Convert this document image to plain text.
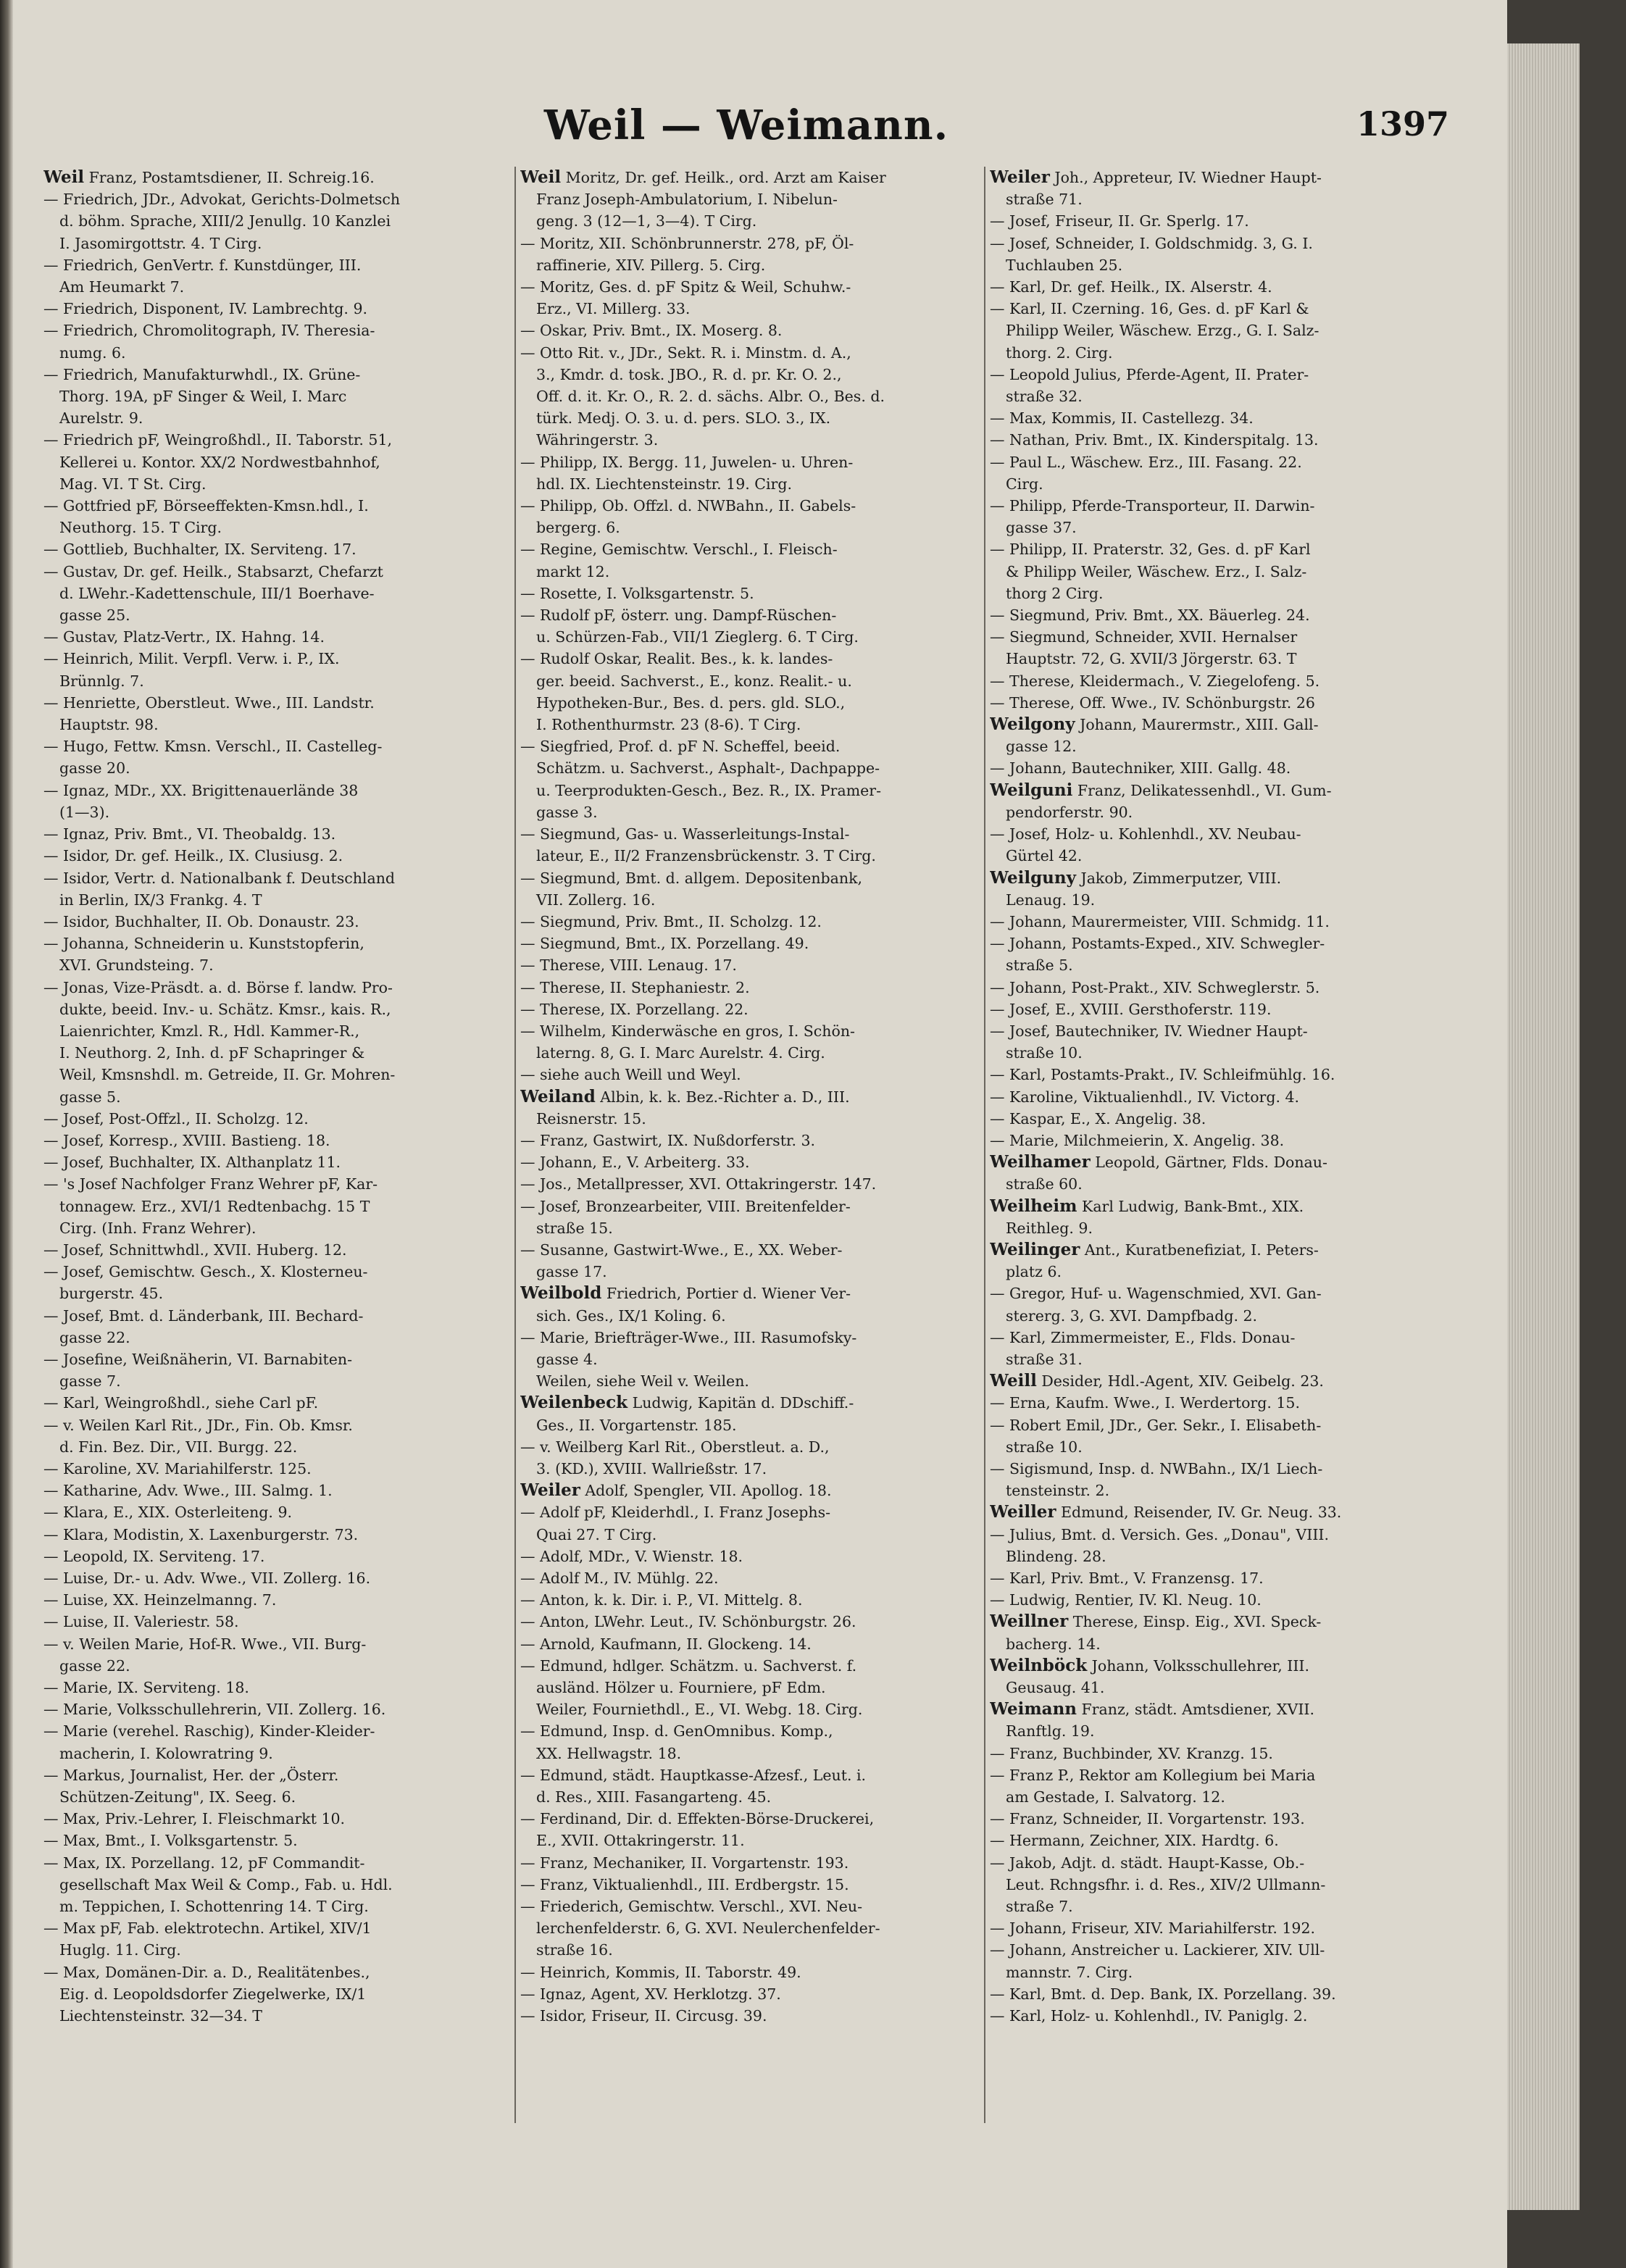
Weil — Weimann.	1397
Weil Franz, Postamtsdiener, II. Schreig.16.
— Friedrich, JDr., Advokat, Gerichts-Dolmetsch
d. böhm. Sprache, XIII/2 Jenullg. 10 Kanzlei
I. Jasomirgottstr. 4. T Cirg.
— Friedrich, GenVertr. f. Kunstdünger, III.
Am Heumarkt 7.
— Friedrich, Disponent, IV. Lambrechtg. 9.
— Friedrich, Chromolitograph, IV. Theresia-
numg. 6.
— Friedrich, Manufakturwhdl., IX. Grüne-
Thorg. 19A, pF Singer & Weil, I. Marc
Aurelstr. 9.
— Friedrich pF, Weingroßhdl., II. Taborstr. 51,
Kellerei u. Kontor. XX/2 Nordwestbahnhof,
Mag. VI. T St. Cirg.
— Gottfried pF, Börseeffekten-Kmsn.hdl., I.
Neuthorg. 15. T Cirg.
— Gottlieb, Buchhalter, IX. Serviteng. 17.
— Gustav, Dr. gef. Heilk., Stabsarzt, Chefarzt
d. LWehr.-Kadettenschule, III/1 Boerhave-
gasse 25.
— Gustav, Platz-Vertr., IX. Hahng. 14.
— Heinrich, Milit. Verpfl. Verw. i. P., IX.
Brünnlg. 7.
— Henriette, Oberstleut. Wwe., III. Landstr.
Hauptstr. 98.
— Hugo, Fettw. Kmsn. Verschl., II. Castelleg-
gasse 20.
— Ignaz, MDr., XX. Brigittenauerlände 38
(1—3).
— Ignaz, Priv. Bmt., VI. Theobaldg. 13.
— Isidor, Dr. gef. Heilk., IX. Clusiusg. 2.
— Isidor, Vertr. d. Nationalbank f. Deutschland
in Berlin, IX/3 Frankg. 4. T
— Isidor, Buchhalter, II. Ob. Donaustr. 23.
— Johanna, Schneiderin u. Kunststopferin,
XVI. Grundsteing. 7.
— Jonas, Vize-Präsdt. a. d. Börse f. landw. Pro-
dukte, beeid. Inv.- u. Schätz. Kmsr., kais. R.,
Laienrichter, Kmzl. R., Hdl. Kammer-R.,
I. Neuthorg. 2, Inh. d. pF Schapringer &
Weil, Kmsnshdl. m. Getreide, II. Gr. Mohren-
gasse 5.
— Josef, Post-Offzl., II. Scholzg. 12.
— Josef, Korresp., XVIII. Bastieng. 18.
— Josef, Buchhalter, IX. Althanplatz 11.
— 's Josef Nachfolger Franz Wehrer pF, Kar-
tonnagew. Erz., XVI/1 Redtenbachg. 15 T
Cirg. (Inh. Franz Wehrer).
— Josef, Schnittwhdl., XVII. Huberg. 12.
— Josef, Gemischtw. Gesch., X. Klosterneu-
burgerstr. 45.
— Josef, Bmt. d. Länderbank, III. Bechard-
gasse 22.
— Josefine, Weißnäherin, VI. Barnabiten-
gasse 7.
— Karl, Weingroßhdl., siehe Carl pF.
— v. Weilen Karl Rit., JDr., Fin. Ob. Kmsr.
d. Fin. Bez. Dir., VII. Burgg. 22.
— Karoline, XV. Mariahilferstr. 125.
— Katharine, Adv. Wwe., III. Salmg. 1.
— Klara, E., XIX. Osterleiteng. 9.
— Klara, Modistin, X. Laxenburgerstr. 73.
— Leopold, IX. Serviteng. 17.
— Luise, Dr.- u. Adv. Wwe., VII. Zollerg. 16.
— Luise, XX. Heinzelmanng. 7.
— Luise, II. Valeriestr. 58.
— v. Weilen Marie, Hof-R. Wwe., VII. Burg-
gasse 22.
— Marie, IX. Serviteng. 18.
— Marie, Volksschullehrerin, VII. Zollerg. 16.
— Marie (verehel. Raschig), Kinder-Kleider-
macherin, I. Kolowratring 9.
— Markus, Journalist, Her. der „Österr.
Schützen-Zeitung", IX. Seeg. 6.
— Max, Priv.-Lehrer, I. Fleischmarkt 10.
— Max, Bmt., I. Volksgartenstr. 5.
— Max, IX. Porzellang. 12, pF Commandit-
gesellschaft Max Weil & Comp., Fab. u. Hdl.
m. Teppichen, I. Schottenring 14. T Cirg.
— Max pF, Fab. elektrotechn. Artikel, XIV/1
Huglg. 11. Cirg.
— Max, Domänen-Dir. a. D., Realitätenbes.,
Eig. d. Leopoldsdorfer Ziegelwerke, IX/1
Liechtensteinstr. 32—34. T
Weil Moritz, Dr. gef. Heilk., ord. Arzt am Kaiser
Franz Joseph-Ambulatorium, I. Nibelun-
geng. 3 (12—1, 3—4). T Cirg.
— Moritz, XII. Schönbrunnerstr. 278, pF, Öl-
raffinerie, XIV. Pillerg. 5. Cirg.
— Moritz, Ges. d. pF Spitz & Weil, Schuhw.-
Erz., VI. Millerg. 33.
— Oskar, Priv. Bmt., IX. Moserg. 8.
— Otto Rit. v., JDr., Sekt. R. i. Minstm. d. A.,
3., Kmdr. d. tosk. JBO., R. d. pr. Kr. O. 2.,
Off. d. it. Kr. O., R. 2. d. sächs. Albr. O., Bes. d.
türk. Medj. O. 3. u. d. pers. SLO. 3., IX.
Währingerstr. 3.
— Philipp, IX. Bergg. 11, Juwelen- u. Uhren-
hdl. IX. Liechtensteinstr. 19. Cirg.
— Philipp, Ob. Offzl. d. NWBahn., II. Gabels-
bergerg. 6.
— Regine, Gemischtw. Verschl., I. Fleisch-
markt 12.
— Rosette, I. Volksgartenstr. 5.
— Rudolf pF, österr. ung. Dampf-Rüschen-
u. Schürzen-Fab., VII/1 Zieglerg. 6. T Cirg.
— Rudolf Oskar, Realit. Bes., k. k. landes-
ger. beeid. Sachverst., E., konz. Realit.- u.
Hypotheken-Bur., Bes. d. pers. gld. SLO.,
I. Rothenthurmstr. 23 (8-6). T Cirg.
— Siegfried, Prof. d. pF N. Scheffel, beeid.
Schätzm. u. Sachverst., Asphalt-, Dachpappe-
u. Teerprodukten-Gesch., Bez. R., IX. Pramer-
gasse 3.
— Siegmund, Gas- u. Wasserleitungs-Instal-
lateur, E., II/2 Franzensbrückenstr. 3. T Cirg.
— Siegmund, Bmt. d. allgem. Depositenbank,
VII. Zollerg. 16.
— Siegmund, Priv. Bmt., II. Scholzg. 12.
— Siegmund, Bmt., IX. Porzellang. 49.
— Therese, VIII. Lenaug. 17.
— Therese, II. Stephaniestr. 2.
— Therese, IX. Porzellang. 22.
— Wilhelm, Kinderwäsche en gros, I. Schön-
laterng. 8, G. I. Marc Aurelstr. 4. Cirg.
— siehe auch Weill und Weyl.
Weiland Albin, k. k. Bez.-Richter a. D., III.
Reisnerstr. 15.
— Franz, Gastwirt, IX. Nußdorferstr. 3.
— Johann, E., V. Arbeiterg. 33.
— Jos., Metallpresser, XVI. Ottakringerstr. 147.
— Josef, Bronzearbeiter, VIII. Breitenfelder-
straße 15.
— Susanne, Gastwirt-Wwe., E., XX. Weber-
gasse 17.
Weilbold Friedrich, Portier d. Wiener Ver-
sich. Ges., IX/1 Koling. 6.
— Marie, Briefträger-Wwe., III. Rasumofsky-
gasse 4.
Weilen, siehe Weil v. Weilen.
Weilenbeck Ludwig, Kapitän d. DDschiff.-
Ges., II. Vorgartenstr. 185.
— v. Weilberg Karl Rit., Oberstleut. a. D.,
3. (KD.), XVIII. Wallrießstr. 17.
Weiler Adolf, Spengler, VII. Apollog. 18.
— Adolf pF, Kleiderhdl., I. Franz Josephs-
Quai 27. T Cirg.
— Adolf, MDr., V. Wienstr. 18.
— Adolf M., IV. Mühlg. 22.
— Anton, k. k. Dir. i. P., VI. Mittelg. 8.
— Anton, LWehr. Leut., IV. Schönburgstr. 26.
— Arnold, Kaufmann, II. Glockeng. 14.
— Edmund, hdlger. Schätzm. u. Sachverst. f.
ausländ. Hölzer u. Fourniere, pF Edm.
Weiler, Fourniethdl., E., VI. Webg. 18. Cirg.
— Edmund, Insp. d. GenOmnibus. Komp.,
XX. Hellwagstr. 18.
— Edmund, städt. Hauptkasse-Afzesf., Leut. i.
d. Res., XIII. Fasangarteng. 45.
— Ferdinand, Dir. d. Effekten-Börse-Druckerei,
E., XVII. Ottakringerstr. 11.
— Franz, Mechaniker, II. Vorgartenstr. 193.
— Franz, Viktualienhdl., III. Erdbergstr. 15.
— Friederich, Gemischtw. Verschl., XVI. Neu-
lerchenfelderstr. 6, G. XVI. Neulerchenfelder-
straße 16.
— Heinrich, Kommis, II. Taborstr. 49.
— Ignaz, Agent, XV. Herklotzg. 37.
— Isidor, Friseur, II. Circusg. 39.
Weiler Joh., Appreteur, IV. Wiedner Haupt-
straße 71.
— Josef, Friseur, II. Gr. Sperlg. 17.
— Josef, Schneider, I. Goldschmidg. 3, G. I.
Tuchlauben 25.
— Karl, Dr. gef. Heilk., IX. Alserstr. 4.
— Karl, II. Czerning. 16, Ges. d. pF Karl &
Philipp Weiler, Wäschew. Erzg., G. I. Salz-
thorg. 2. Cirg.
— Leopold Julius, Pferde-Agent, II. Prater-
straße 32.
— Max, Kommis, II. Castellezg. 34.
— Nathan, Priv. Bmt., IX. Kinderspitalg. 13.
— Paul L., Wäschew. Erz., III. Fasang. 22.
Cirg.
— Philipp, Pferde-Transporteur, II. Darwin-
gasse 37.
— Philipp, II. Praterstr. 32, Ges. d. pF Karl
& Philipp Weiler, Wäschew. Erz., I. Salz-
thorg 2 Cirg.
— Siegmund, Priv. Bmt., XX. Bäuerleg. 24.
— Siegmund, Schneider, XVII. Hernalser
Hauptstr. 72, G. XVII/3 Jörgerstr. 63. T
— Therese, Kleidermach., V. Ziegelofeng. 5.
— Therese, Off. Wwe., IV. Schönburgstr. 26
Weilgony Johann, Maurermstr., XIII. Gall-
gasse 12.
— Johann, Bautechniker, XIII. Gallg. 48.
Weilguni Franz, Delikatessenhdl., VI. Gum-
pendorferstr. 90.
— Josef, Holz- u. Kohlenhdl., XV. Neubau-
Gürtel 42.
Weilguny Jakob, Zimmerputzer, VIII.
Lenaug. 19.
— Johann, Maurermeister, VIII. Schmidg. 11.
— Johann, Postamts-Exped., XIV. Schwegler-
straße 5.
— Johann, Post-Prakt., XIV. Schweglerstr. 5.
— Josef, E., XVIII. Gersthoferstr. 119.
— Josef, Bautechniker, IV. Wiedner Haupt-
straße 10.
— Karl, Postamts-Prakt., IV. Schleifmühlg. 16.
— Karoline, Viktualienhdl., IV. Victorg. 4.
— Kaspar, E., X. Angelig. 38.
— Marie, Milchmeierin, X. Angelig. 38.
Weilhamer Leopold, Gärtner, Flds. Donau-
straße 60.
Weilheim Karl Ludwig, Bank-Bmt., XIX.
Reithleg. 9.
Weilinger Ant., Kuratbenefiziat, I. Peters-
platz 6.
— Gregor, Huf- u. Wagenschmied, XVI. Gan-
stererg. 3, G. XVI. Dampfbadg. 2.
— Karl, Zimmermeister, E., Flds. Donau-
straße 31.
Weill Desider, Hdl.-Agent, XIV. Geibelg. 23.
— Erna, Kaufm. Wwe., I. Werdertorg. 15.
— Robert Emil, JDr., Ger. Sekr., I. Elisabeth-
straße 10.
— Sigismund, Insp. d. NWBahn., IX/1 Liech-
tensteinstr. 2.
Weiller Edmund, Reisender, IV. Gr. Neug. 33.
— Julius, Bmt. d. Versich. Ges. „Donau", VIII.
Blindeng. 28.
— Karl, Priv. Bmt., V. Franzensg. 17.
— Ludwig, Rentier, IV. Kl. Neug. 10.
Weillner Therese, Einsp. Eig., XVI. Speck-
bacherg. 14.
Weilnböck Johann, Volksschullehrer, III.
Geusaug. 41.
Weimann Franz, städt. Amtsdiener, XVII.
Ranftlg. 19.
— Franz, Buchbinder, XV. Kranzg. 15.
— Franz P., Rektor am Kollegium bei Maria
am Gestade, I. Salvatorg. 12.
— Franz, Schneider, II. Vorgartenstr. 193.
— Hermann, Zeichner, XIX. Hardtg. 6.
— Jakob, Adjt. d. städt. Haupt-Kasse, Ob.-
Leut. Rchngsfhr. i. d. Res., XIV/2 Ullmann-
straße 7.
— Johann, Friseur, XIV. Mariahilferstr. 192.
— Johann, Anstreicher u. Lackierer, XIV. Ull-
mannstr. 7. Cirg.
— Karl, Bmt. d. Dep. Bank, IX. Porzellang. 39.
— Karl, Holz- u. Kohlenhdl., IV. Paniglg. 2.
